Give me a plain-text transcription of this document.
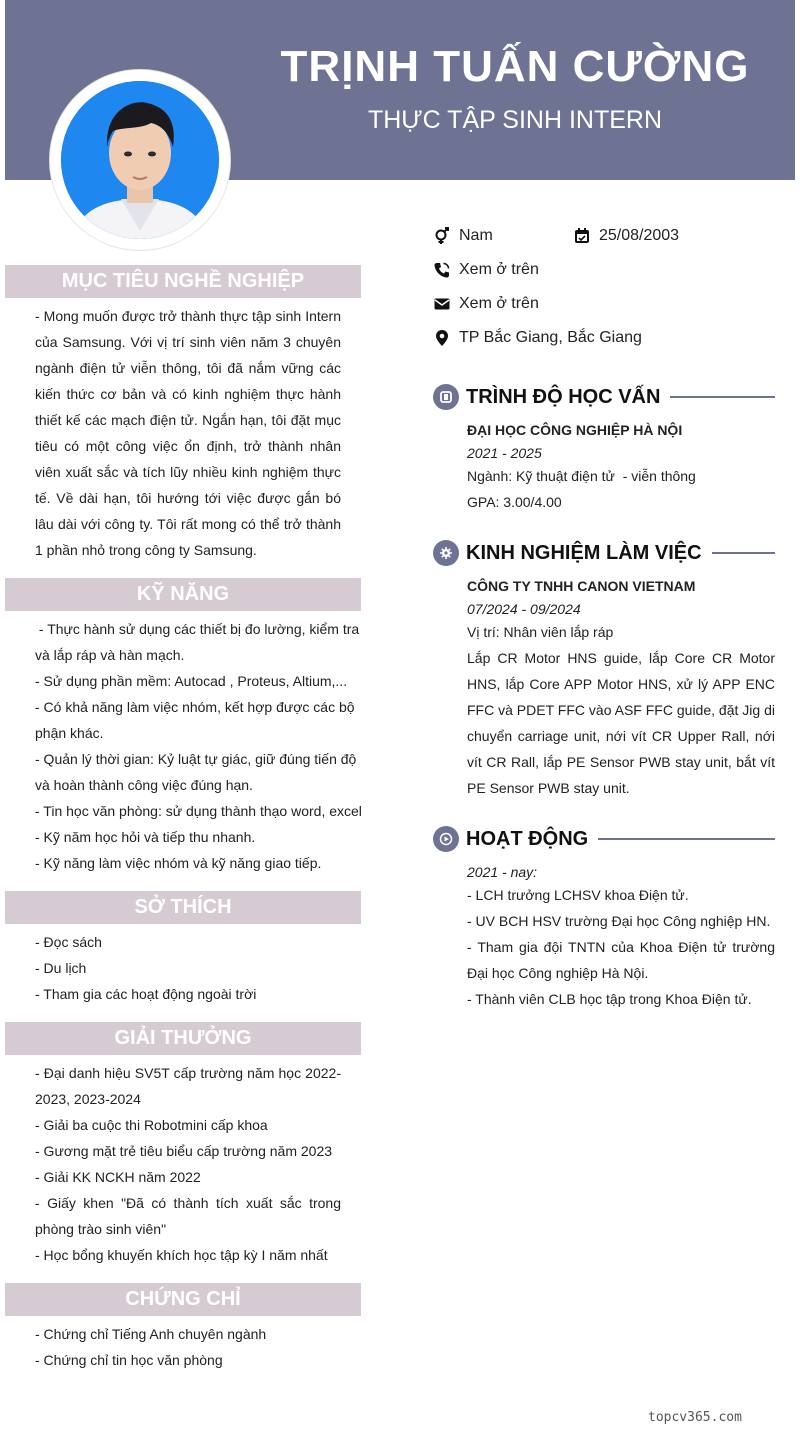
TRỊNH TUẤN CƯỜNG
THỰC TẬP SINH INTERN
MỤC TIÊU NGHỀ NGHIỆP

- Mong muốn được trở thành thực tập sinh Intern của Samsung. Với vị trí sinh viên năm 3 chuyên ngành điện tử viễn thông, tôi đã nắm vững các kiến thức cơ bản và có kinh nghiệm thực hành thiết kế các mạch điện tử. Ngắn hạn, tôi đặt mục tiêu có một công việc ổn định, trở thành nhân viên xuất sắc và tích lũy nhiều kinh nghiệm thực tế. Về dài hạn, tôi hướng tới việc được gắn bó lâu dài với công ty. Tôi rất mong có thể trở thành 1 phần nhỏ trong công ty Samsung.

KỸ NĂNG

- Thực hành sử dụng các thiết bị đo lường, kiểm tra và lắp ráp và hàn mạch.

- Sử dụng phần mềm: Autocad , Proteus, Altium,...

- Có khả năng làm việc nhóm, kết hợp được các bộ phận khác.

- Quản lý thời gian: Kỷ luật tự giác, giữ đúng tiến độ và hoàn thành công việc đúng hạn.

- Tin học văn phòng: sử dụng thành thạo word, excel

- Kỹ năm học hỏi và tiếp thu nhanh.

- Kỹ năng làm việc nhóm và kỹ năng giao tiếp.

SỞ THÍCH

- Đọc sách

- Du lịch

- Tham gia các hoạt động ngoài trời

GIẢI THƯỞNG

- Đại danh hiệu SV5T cấp trường năm học 2022-2023, 2023-2024

- Giải ba cuộc thi Robotmini cấp khoa

- Gương mặt trẻ tiêu biểu cấp trường năm 2023

- Giải KK NCKH năm 2022

- Giấy khen "Đã có thành tích xuất sắc trong phòng trào sinh viên"

- Học bổng khuyến khích học tập kỳ I năm nhất

CHỨNG CHỈ

- Chứng chỉ Tiếng Anh chuyên ngành

- Chứng chỉ tin học văn phòng

Nam	25/08/2003
Xem ở trên
Xem ở trên
TP Bắc Giang, Bắc Giang
TRÌNH ĐỘ HỌC VẤN

ĐẠI HỌC CÔNG NGHIỆP HÀ NỘI

2021 - 2025

Ngành: Kỹ thuật điện tử  - viễn thông

GPA: 3.00/4.00

KINH NGHIỆM LÀM VIỆC

CÔNG TY TNHH CANON VIETNAM

07/2024 - 09/2024

Vị trí: Nhân viên lắp ráp

Lắp CR Motor HNS guide, lắp Core CR Motor HNS, lắp Core APP Motor HNS, xử lý APP ENC FFC và PDET FFC vào ASF FFC guide, đặt Jig di chuyển carriage unit, nới vít CR Upper Rall, nới vít CR Rall, lắp PE Sensor PWB stay unit, bắt vít PE Sensor PWB stay unit.

HOẠT ĐỘNG

2021 - nay:

- LCH trưởng LCHSV khoa Điện tử.

- UV BCH HSV trường Đại học Công nghiệp HN.

- Tham gia đội TNTN của Khoa Điện tử trường Đại học Công nghiệp Hà Nội.

- Thành viên CLB học tập trong Khoa Điện tử.

topcv365.com
